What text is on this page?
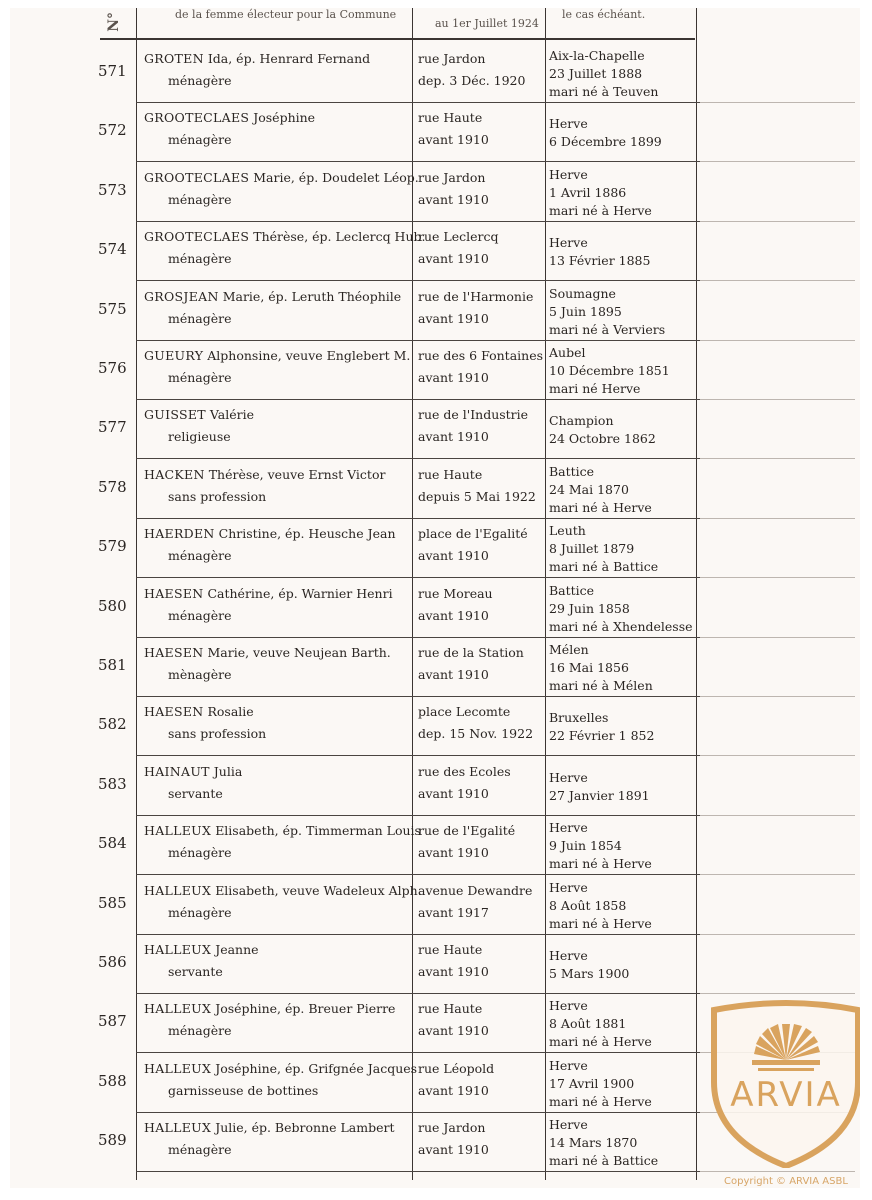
N°	de la femme électeur pour la Commune
au 1er Juillet 1924
le cas échéant.
571
GROTEN Ida, ép. Henrard Fernand
ménagère
rue Jardon
dep. 3 Déc. 1920
Aix-la-Chapelle
23 Juillet 1888
mari né à Teuven
572
GROOTECLAES Joséphine
ménagère
rue Haute
avant 1910
Herve
6 Décembre 1899
573
GROOTECLAES Marie, ép. Doudelet Léop.
ménagère
rue Jardon
avant 1910
Herve
1 Avril 1886
mari né à Herve
574
GROOTECLAES Thérèse, ép. Leclercq Hub.
ménagère
rue Leclercq
avant 1910
Herve
13 Février 1885
575
GROSJEAN Marie, ép. Leruth Théophile
ménagère
rue de l'Harmonie
avant 1910
Soumagne
5 Juin 1895
mari né à Verviers
576
GUEURY Alphonsine, veuve Englebert M.
ménagère
rue des 6 Fontaines
avant 1910
Aubel
10 Décembre 1851
mari né Herve
577
GUISSET Valérie
religieuse
rue de l'Industrie
avant 1910
Champion
24 Octobre 1862
578
HACKEN Thérèse, veuve Ernst Victor
sans profession
rue Haute
depuis 5 Mai 1922
Battice
24 Mai 1870
mari né à Herve
579
HAERDEN Christine, ép. Heusche Jean
ménagère
place de l'Egalité
avant 1910
Leuth
8 Juillet 1879
mari né à Battice
580
HAESEN Cathérine, ép. Warnier Henri
ménagère
rue Moreau
avant 1910
Battice
29 Juin 1858
mari né à Xhendelesse
581
HAESEN Marie, veuve Neujean Barth.
mènagère
rue de la Station
avant 1910
Mélen
16 Mai 1856
mari né à Mélen
582
HAESEN Rosalie
sans profession
place Lecomte
dep. 15 Nov. 1922
Bruxelles
22 Février 1 852
583
HAINAUT Julia
servante
rue des Ecoles
avant 1910
Herve
27 Janvier 1891
584
HALLEUX Elisabeth, ép. Timmerman Louis
ménagère
rue de l'Egalité
avant 1910
Herve
9 Juin 1854
mari né à Herve
585
HALLEUX Elisabeth, veuve Wadeleux Alph.
ménagère
avenue Dewandre
avant 1917
Herve
8 Août 1858
mari né à Herve
586
HALLEUX Jeanne
servante
rue Haute
avant 1910
Herve
5 Mars 1900
587
HALLEUX Joséphine, ép. Breuer Pierre
ménagère
rue Haute
avant 1910
Herve
8 Août 1881
mari né à Herve
588
HALLEUX Joséphine, ép. Grifgnée Jacques
garnisseuse de bottines
rue Léopold
avant 1910
Herve
17 Avril 1900
mari né à Herve
589
HALLEUX Julie, ép. Bebronne Lambert
ménagère
rue Jardon
avant 1910
Herve
14 Mars 1870
mari né à Battice
ARVIA
Copyright © ARVIA ASBL
